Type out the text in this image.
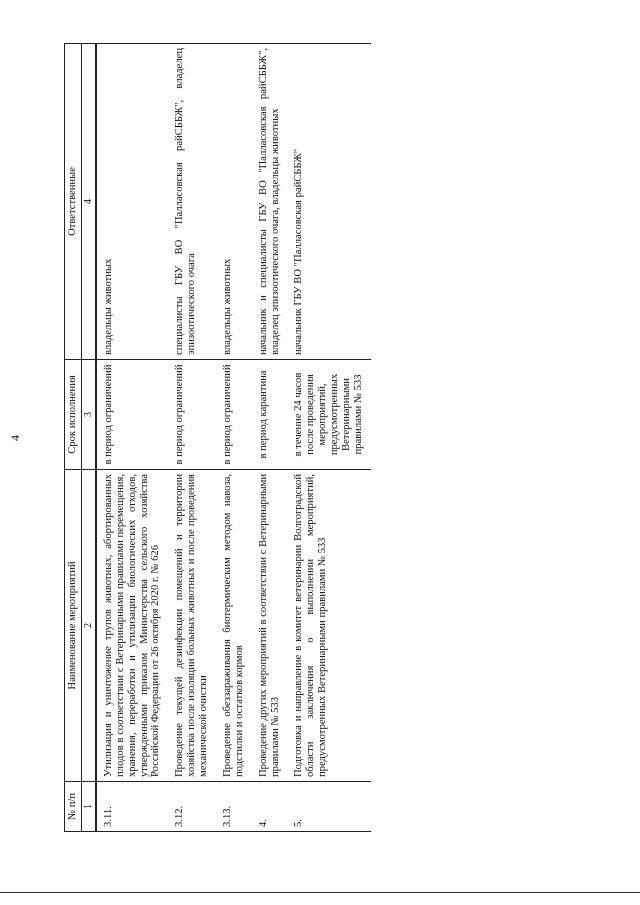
4
№ п/п	Наименование мероприятий	Срок исполнения	Ответственные
1	2	3	4
3.11.	Утилизация и уничтожение трупов животных, абортированных плодов в соответствии с Ветеринарными правилами перемещения, хранения, переработки и утилизации биологических отходов, утвержденными приказом Министерства сельского хозяйства Российской Федерации от 26 октября 2020 г. № 626	в период ограничений	владельцы животных
3.12.	Проведение текущей дезинфекции помещений и территории хозяйства после изоляции больных животных и после проведения механической очистки	в период ограничений	специалисты ГБУ ВО "Палласовская райСББЖ", владелец эпизоотического очага
3.13.	Проведение обеззараживания биотермическим методом навоза, подстилки и остатков кормов	в период ограничений	владельцы животных
4.	Проведение других мероприятий в соответствии с Ветеринарными правилами № 533	в период карантина	начальник и специалисты ГБУ ВО "Палласовская райСББЖ", владелец эпизоотического очага, владельцы животных
5.	Подготовка и направление в комитет ветеринарии Волгоградской области заключения о выполнении мероприятий, предусмотренных Ветеринарными правилами № 533	в течение 24 часов после проведения мероприятий, предусмотренных Ветеринарными правилами № 533	начальник ГБУ ВО "Палласовская райСББЖ"
